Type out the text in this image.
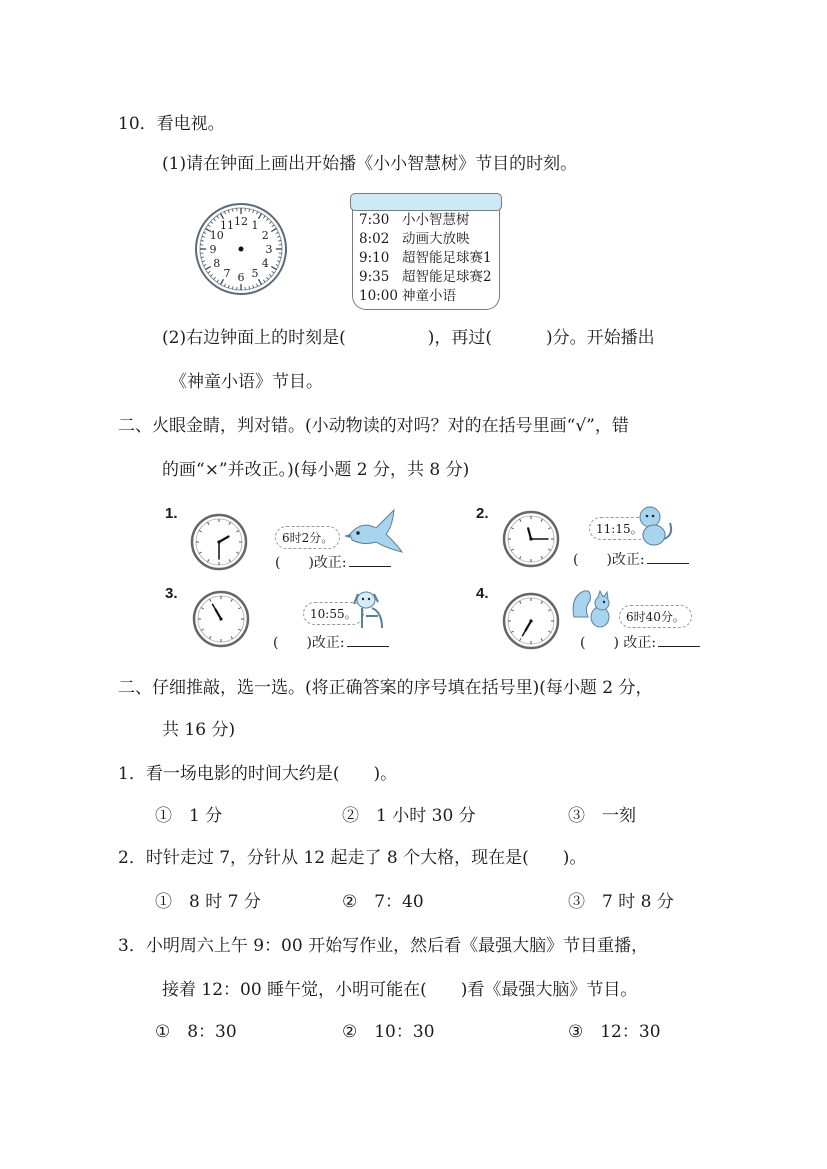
10．看电视。
(1)请在钟面上画出开始播《小小智慧树》节目的时刻。
12 1
2
3
4
5
6
7
8
9
10
11	7:30 小小智慧树
8:02 动画大放映
9:10 超智能足球赛1
9:35 超智能足球赛2
10:00 神童小语
(2)右边钟面上的时刻是(	)，再过(	)分。开始播出
《神童小语》节目。
二、火眼金睛，判对错。(小动物读的对吗？对的在括号里画“√”，错
的画“×”并改正。)(每小题 2 分，共 8 分)
1.
6时2分。
(　　)改正:
2.
11:15。
(　　)改正:
3.
10:55。
(　　)改正:
4.
6时40分。
(　　) 改正:
二、仔细推敲，选一选。(将正确答案的序号填在括号里)(每小题 2 分，
共 16 分)
1．看一场电影的时间大约是(　　)。
①　1 分	②　1 小时 30 分	③　一刻
2．时针走过 7，分针从 12 起走了 8 个大格，现在是(　　)。
①　8 时 7 分	②　7：40	③　7 时 8 分
3．小明周六上午 9：00 开始写作业，然后看《最强大脑》节目重播，
接着 12：00 睡午觉，小明可能在(　　)看《最强大脑》节目。
①　8：30	②　10：30	③　12：30
